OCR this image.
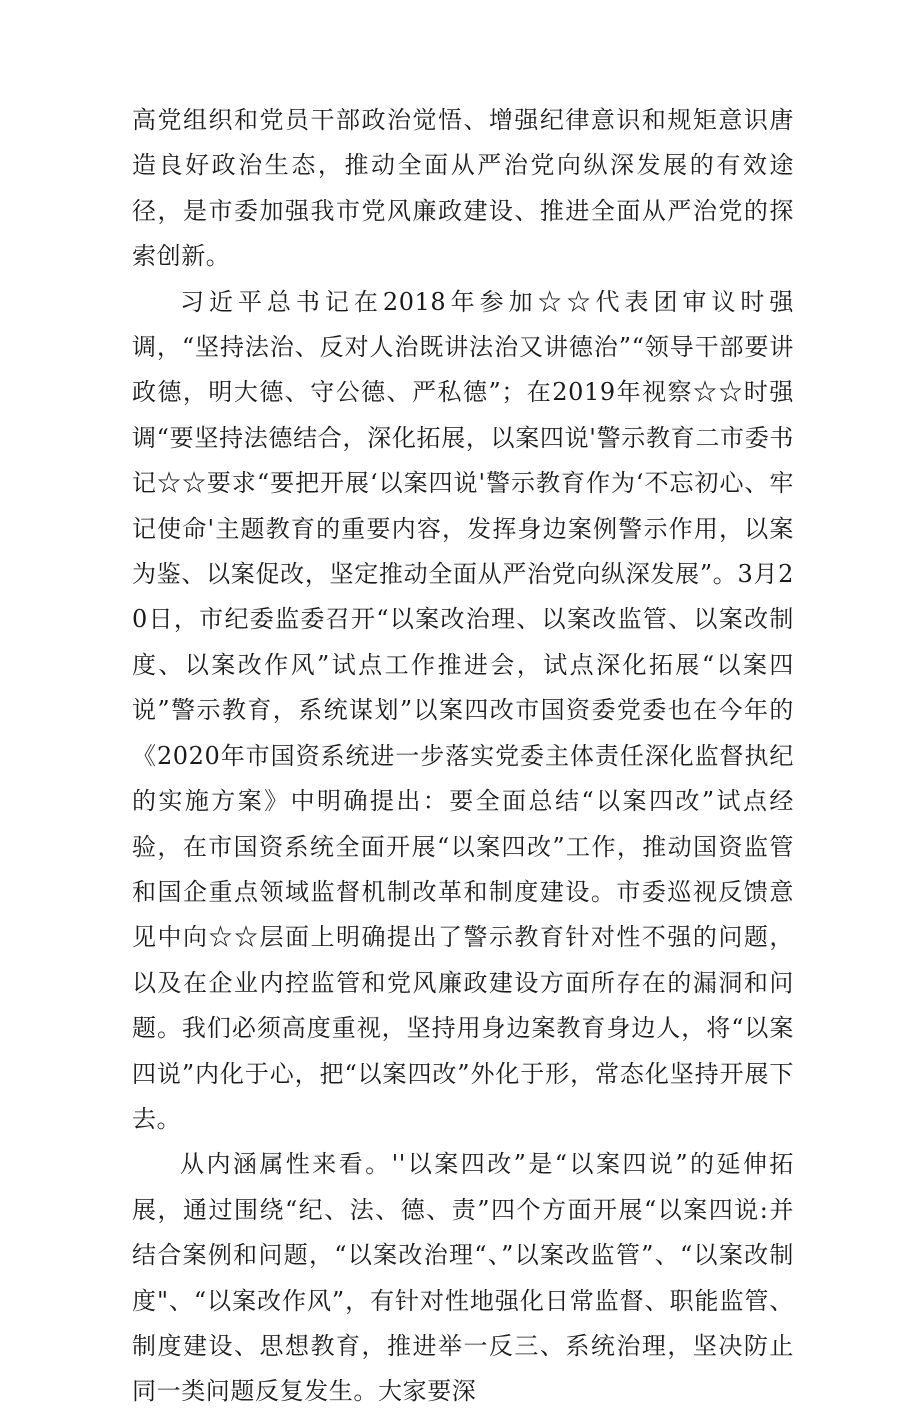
高党组织和党员干部政治觉悟、增强纪律意识和规矩意识唐造良好政治生态，推动全面从严治党向纵深发展的有效途径，是市委加强我市党风廉政建设、推进全面从严治党的探索创新。

习近平总书记在2018年参加☆☆代表团审议时强调，“坚持法治、反对人治既讲法治又讲德治”“领导干部要讲政德，明大德、守公德、严私德”；在2019年视察☆☆时强调“要坚持法德结合，深化拓展，以案四说'警示教育二市委书记☆☆要求“要把开展‘以案四说'警示教育作为‘不忘初心、牢记使命'主题教育的重要内容，发挥身边案例警示作用，以案为鉴、以案促改，坚定推动全面从严治党向纵深发展”。3月20日，市纪委监委召开“以案改治理、以案改监管、以案改制度、以案改作风”试点工作推进会，试点深化拓展“以案四说”警示教育，系统谋划”以案四改市国资委党委也在今年的《2020年市国资系统进一步落实党委主体责任深化监督执纪的实施方案》中明确提出：要全面总结“以案四改”试点经验，在市国资系统全面开展“以案四改”工作，推动国资监管和国企重点领域监督机制改革和制度建设。市委巡视反馈意见中向☆☆层面上明确提出了警示教育针对性不强的问题，以及在企业内控监管和党风廉政建设方面所存在的漏洞和问题。我们必须高度重视，坚持用身边案教育身边人，将“以案四说”内化于心，把“以案四改”外化于形，常态化坚持开展下去。

从内涵属性来看。''以案四改”是“以案四说”的延伸拓展，通过围绕“纪、法、德、责”四个方面开展“以案四说:并结合案例和问题，“以案改治理“、”以案改监管”、“以案改制度"、“以案改作风”，有针对性地强化日常监督、职能监管、制度建设、思想教育，推进举一反三、系统治理，坚决防止同一类问题反复发生。大家要深
